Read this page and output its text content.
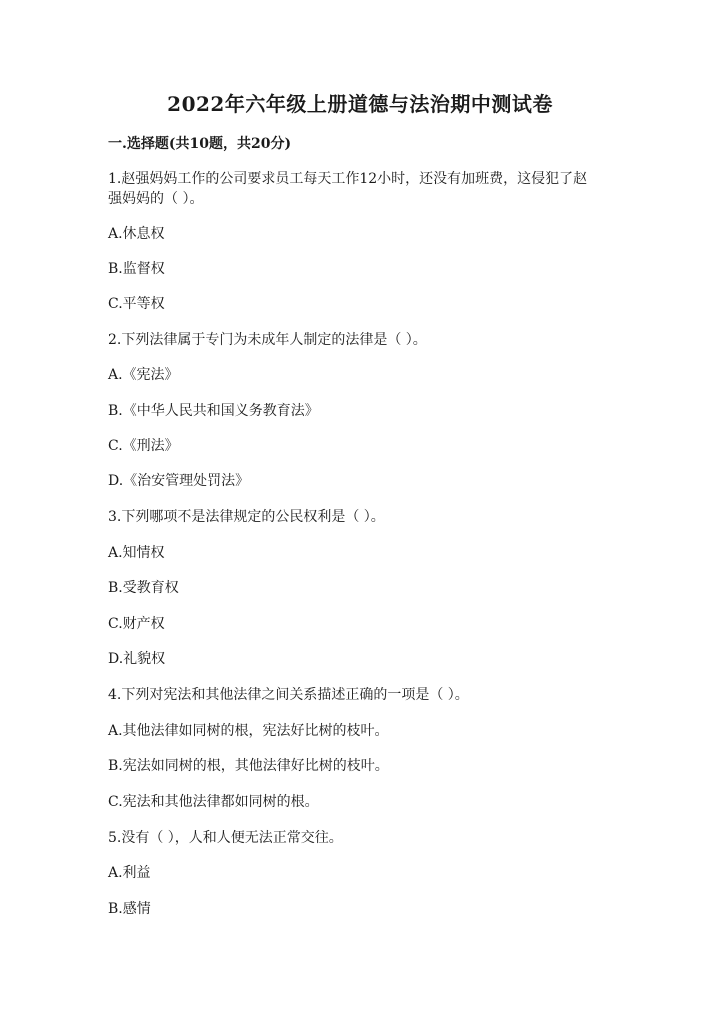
2022年六年级上册道德与法治期中测试卷
一.选择题(共10题，共20分)
1.赵强妈妈工作的公司要求员工每天工作12小时，还没有加班费，这侵犯了赵
强妈妈的（ ）。
A.休息权
B.监督权
C.平等权
2.下列法律属于专门为未成年人制定的法律是（ ）。
A.《宪法》
B.《中华人民共和国义务教育法》
C.《刑法》
D.《治安管理处罚法》
3.下列哪项不是法律规定的公民权利是（ ）。
A.知情权
B.受教育权
C.财产权
D.礼貌权
4.下列对宪法和其他法律之间关系描述正确的一项是（ ）。
A.其他法律如同树的根，宪法好比树的枝叶。
B.宪法如同树的根，其他法律好比树的枝叶。
C.宪法和其他法律都如同树的根。
5.没有（ ），人和人便无法正常交往。
A.利益
B.感情
